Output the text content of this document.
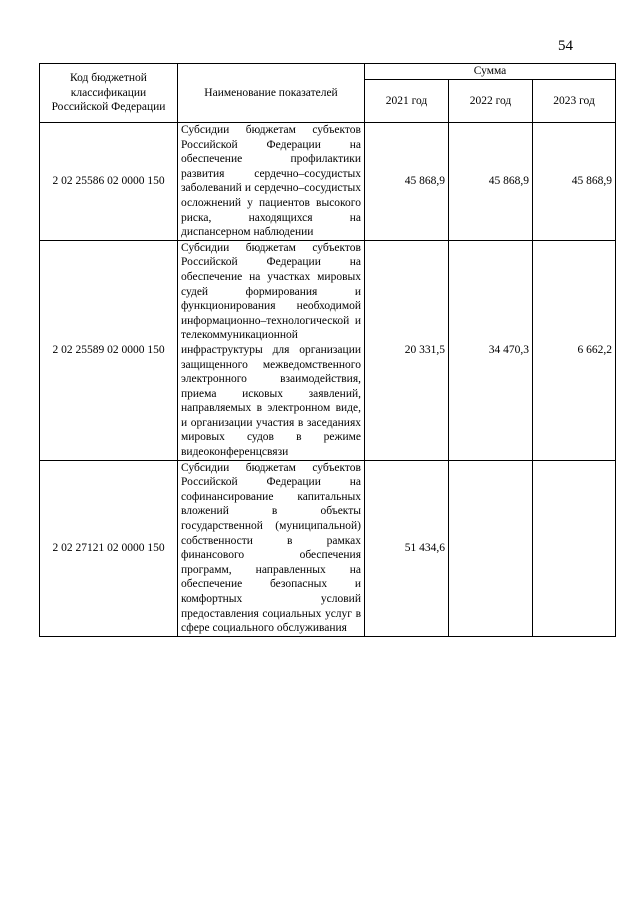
54
Код бюджетной классификации Российской Федерации	Наименование показателей	Сумма		
		2021 год	2022 год	2023 год
2 02 25586 02 0000 150	Субсидии бюджетам субъектов Российской Федерации на обеспечение профилактики развития сердечно–сосудистых заболеваний и сердечно–сосудистых осложнений у пациентов высокого риска, находящихся на диспансерном наблюдении	45 868,9	45 868,9	45 868,9
2 02 25589 02 0000 150	Субсидии бюджетам субъектов Российской Федерации на обеспечение на участках мировых судей формирования и функционирования необходимой информационно–технологической и телекоммуникационной инфраструктуры для организации защищенного межведомственного электронного взаимодействия, приема исковых заявлений, направляемых в электронном виде, и организации участия в заседаниях мировых судов в режиме видеоконференцсвязи	20 331,5	34 470,3	6 662,2
2 02 27121 02 0000 150	Субсидии бюджетам субъектов Российской Федерации на софинансирование капитальных вложений в объекты государственной (муниципальной) собственности в рамках финансового обеспечения программ, направленных на обеспечение безопасных и комфортных условий предоставления социальных услуг в сфере социального обслуживания	51 434,6		
